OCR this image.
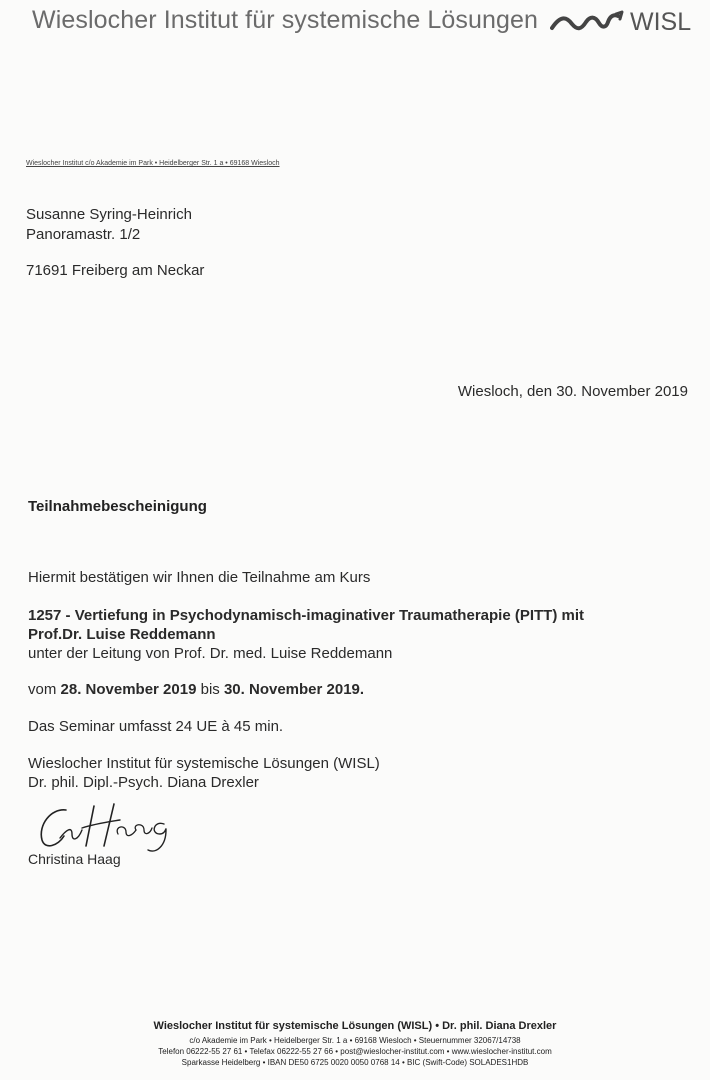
Wieslocher Institut für systemische Lösungen	WISL
Wieslocher Institut c/o Akademie im Park • Heidelberger Str. 1 a • 69168 Wiesloch
Susanne Syring-Heinrich
Panoramastr. 1/2
71691 Freiberg am Neckar
Wiesloch, den 30. November 2019
Teilnahmebescheinigung
Hiermit bestätigen wir Ihnen die Teilnahme am Kurs
1257 - Vertiefung in Psychodynamisch-imaginativer Traumatherapie (PITT) mit
Prof.Dr. Luise Reddemann
unter der Leitung von Prof. Dr. med. Luise Reddemann
vom 28. November 2019 bis 30. November 2019.
Das Seminar umfasst 24 UE à 45 min.
Wieslocher Institut für systemische Lösungen (WISL)
Dr. phil. Dipl.-Psych. Diana Drexler
Christina Haag
Wieslocher Institut für systemische Lösungen (WISL) • Dr. phil. Diana Drexler
c/o Akademie im Park • Heidelberger Str. 1 a • 69168 Wiesloch • Steuernummer 32067/14738
Telefon 06222-55 27 61 • Telefax 06222-55 27 66 • post@wieslocher-institut.com • www.wieslocher-institut.com
Sparkasse Heidelberg • IBAN DE50 6725 0020 0050 0768 14 • BIC (Swift-Code) SOLADES1HDB
